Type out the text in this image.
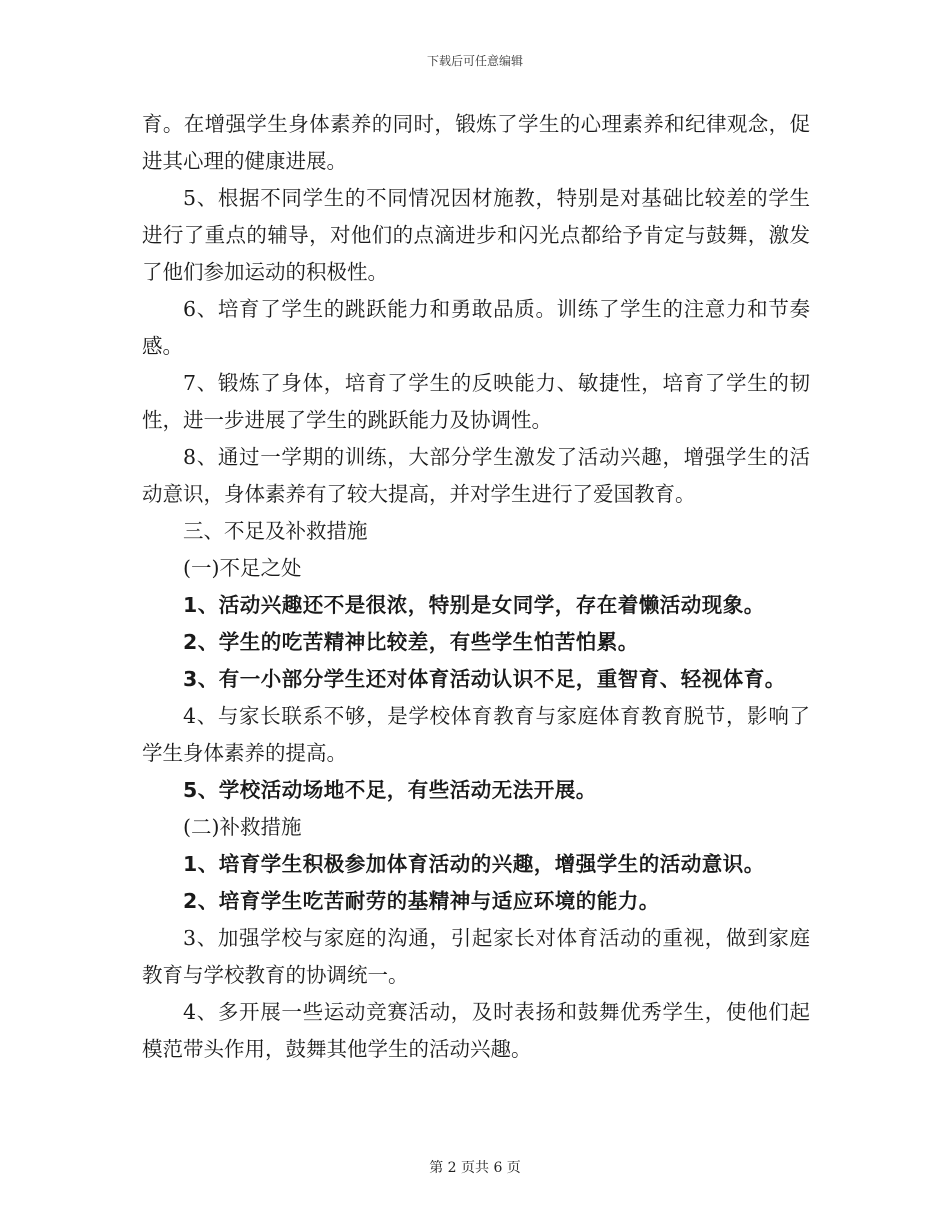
下载后可任意编辑

育。在增强学生身体素养的同时，锻炼了学生的心理素养和纪律观念，促进其心理的健康进展。

5、根据不同学生的不同情况因材施教，特别是对基础比较差的学生进行了重点的辅导，对他们的点滴进步和闪光点都给予肯定与鼓舞，激发了他们参加运动的积极性。

6、培育了学生的跳跃能力和勇敢品质。训练了学生的注意力和节奏感。

7、锻炼了身体，培育了学生的反映能力、敏捷性，培育了学生的韧性，进一步进展了学生的跳跃能力及协调性。

8、通过一学期的训练，大部分学生激发了活动兴趣，增强学生的活动意识，身体素养有了较大提高，并对学生进行了爱国教育。

三、不足及补救措施

(一)不足之处

1、活动兴趣还不是很浓，特别是女同学，存在着懒活动现象。

2、学生的吃苦精神比较差，有些学生怕苦怕累。

3、有一小部分学生还对体育活动认识不足，重智育、轻视体育。

4、与家长联系不够，是学校体育教育与家庭体育教育脱节，影响了学生身体素养的提高。

5、学校活动场地不足，有些活动无法开展。

(二)补救措施

1、培育学生积极参加体育活动的兴趣，增强学生的活动意识。

2、培育学生吃苦耐劳的基精神与适应环境的能力。

3、加强学校与家庭的沟通，引起家长对体育活动的重视，做到家庭教育与学校教育的协调统一。

4、多开展一些运动竞赛活动，及时表扬和鼓舞优秀学生，使他们起模范带头作用，鼓舞其他学生的活动兴趣。

第 2 页共 6 页
